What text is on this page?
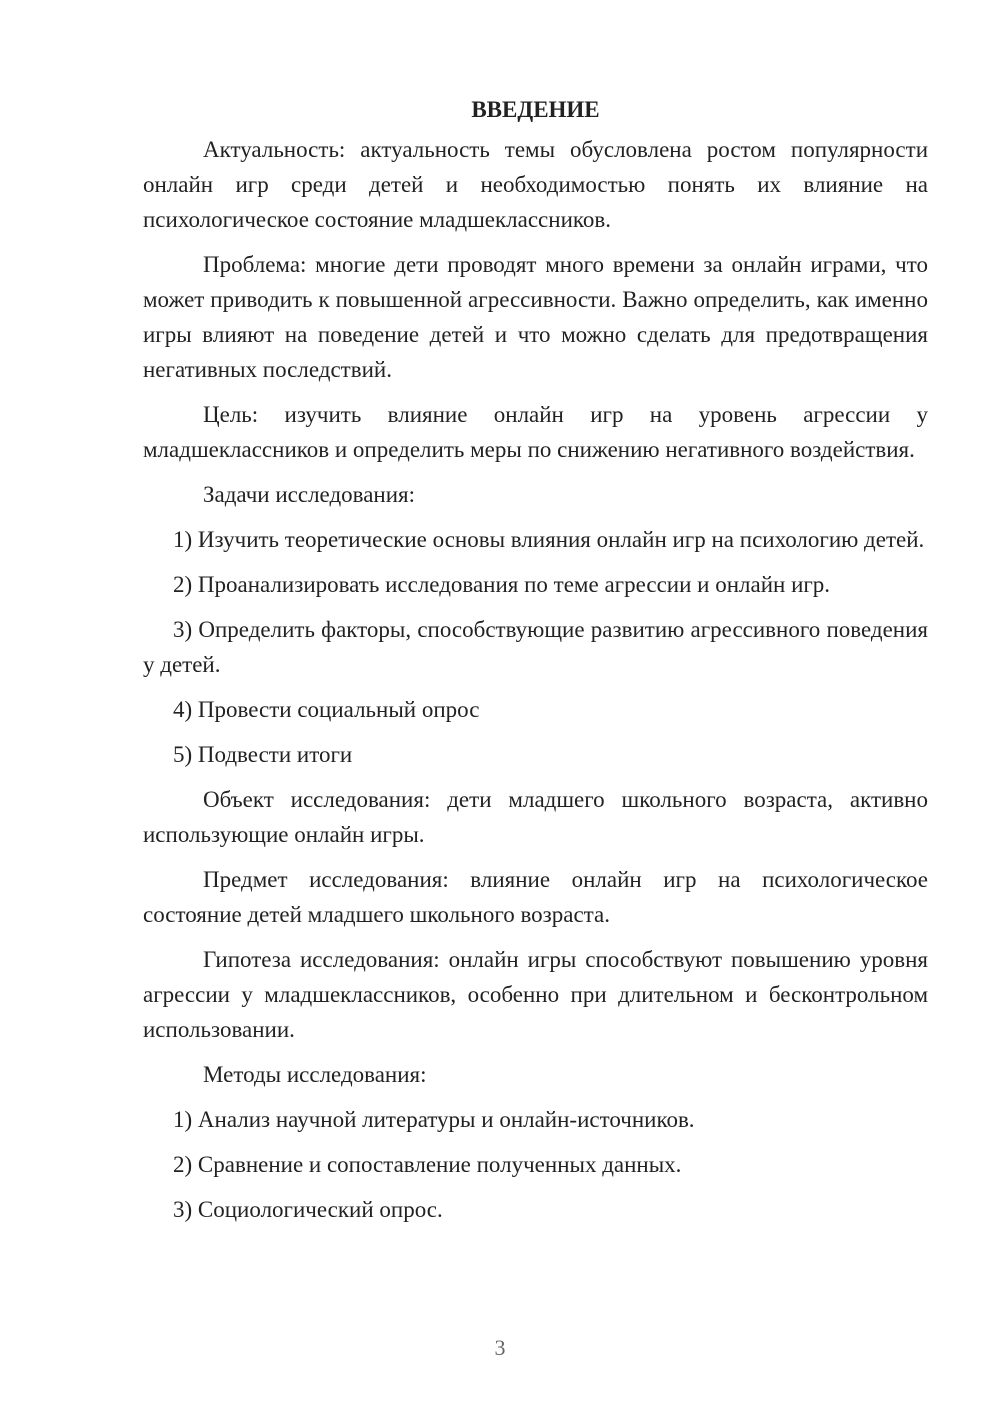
ВВЕДЕНИЕ

Актуальность: актуальность темы обусловлена ростом популярности онлайн игр среди детей и необходимостью понять их влияние на психологическое состояние младшеклассников.

Проблема: многие дети проводят много времени за онлайн играми, что может приводить к повышенной агрессивности. Важно определить, как именно игры влияют на поведение детей и что можно сделать для предотвращения негативных последствий.

Цель: изучить влияние онлайн игр на уровень агрессии у младшеклассников и определить меры по снижению негативного воздействия.

Задачи исследования:

1) Изучить теоретические основы влияния онлайн игр на психологию детей.

2) Проанализировать исследования по теме агрессии и онлайн игр.

3) Определить факторы, способствующие развитию агрессивного поведения у детей.

4) Провести социальный опрос

5) Подвести итоги

Объект исследования: дети младшего школьного возраста, активно использующие онлайн игры.

Предмет исследования: влияние онлайн игр на психологическое состояние детей младшего школьного возраста.

Гипотеза исследования: онлайн игры способствуют повышению уровня агрессии у младшеклассников, особенно при длительном и бесконтрольном использовании.

Методы исследования:

1) Анализ научной литературы и онлайн-источников.

2) Сравнение и сопоставление полученных данных.

3) Социологический опрос.

3
